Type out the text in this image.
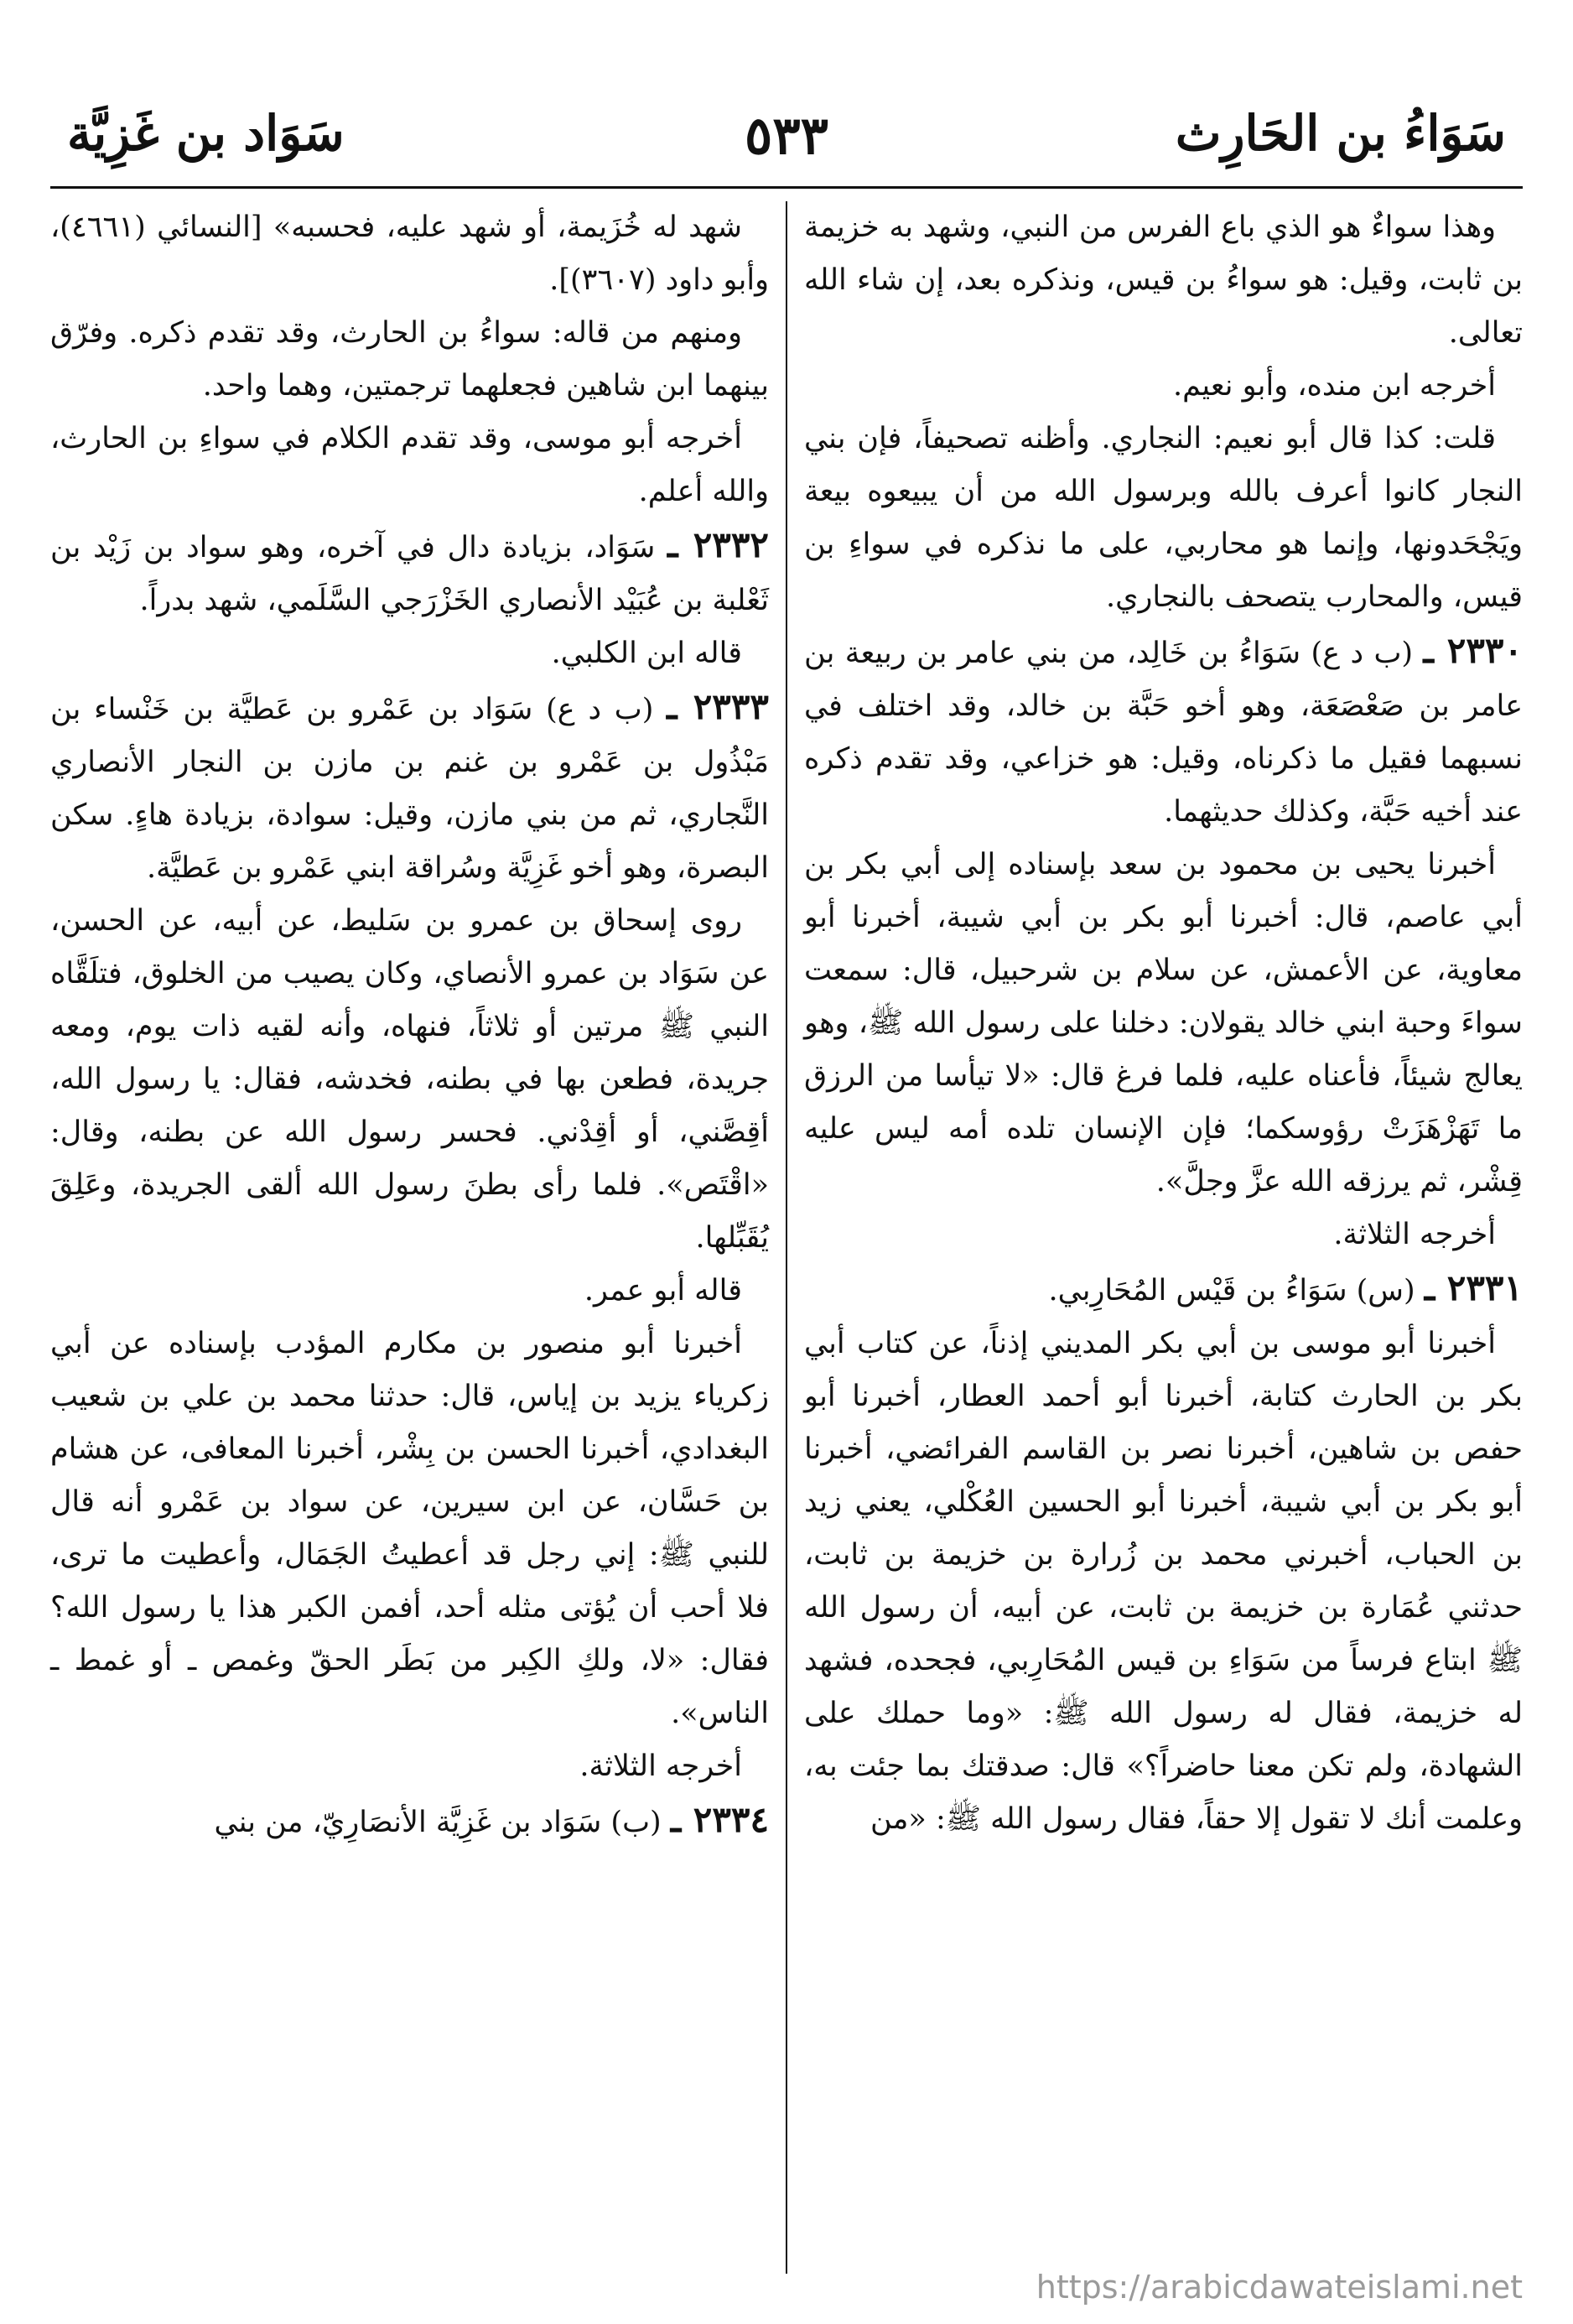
سَوَاءُ بن الحَارِث
٥٣٣
سَوَاد بن غَزِيَّة

وهذا سواءٌ هو الذي باع الفرس من النبي، وشهد به خزيمة بن ثابت، وقيل: هو سواءُ بن قيس، ونذكره بعد، إن شاء الله تعالى.

أخرجه ابن منده، وأبو نعيم.

قلت: كذا قال أبو نعيم: النجاري. وأظنه تصحيفاً، فإن بني النجار كانوا أعرف بالله وبرسول الله من أن يبيعوه بيعة ويَجْحَدونها، وإنما هو محاربي، على ما نذكره في سواءِ بن قيس، والمحارب يتصحف بالنجاري.

٢٣٣٠ ـ (ب د ع) سَوَاءُ بن خَالِد، من بني عامر بن ربيعة بن عامر بن صَعْصَعَة، وهو أخو حَبَّة بن خالد، وقد اختلف في نسبهما فقيل ما ذكرناه، وقيل: هو خزاعي، وقد تقدم ذكره عند أخيه حَبَّة، وكذلك حديثهما.

أخبرنا يحيى بن محمود بن سعد بإسناده إلى أبي بكر بن أبي عاصم، قال: أخبرنا أبو بكر بن أبي شيبة، أخبرنا أبو معاوية، عن الأعمش، عن سلام بن شرحبيل، قال: سمعت سواءَ وحبة ابني خالد يقولان: دخلنا على رسول الله ﷺ، وهو يعالج شيئاً، فأعناه عليه، فلما فرغ قال: «لا تيأسا من الرزق ما تَهَزْهَزَتْ رؤوسكما؛ فإن الإنسان تلده أمه ليس عليه قِشْر، ثم يرزقه الله عزَّ وجلَّ».

أخرجه الثلاثة.

٢٣٣١ ـ (س) سَوَاءُ بن قَيْس المُحَارِبي.

أخبرنا أبو موسى بن أبي بكر المديني إذناً، عن كتاب أبي بكر بن الحارث كتابة، أخبرنا أبو أحمد العطار، أخبرنا أبو حفص بن شاهين، أخبرنا نصر بن القاسم الفرائضي، أخبرنا أبو بكر بن أبي شيبة، أخبرنا أبو الحسين العُكْلي، يعني زيد بن الحباب، أخبرني محمد بن زُرارة بن خزيمة بن ثابت، حدثني عُمَارة بن خزيمة بن ثابت، عن أبيه، أن رسول الله ﷺ ابتاع فرساً من سَوَاءِ بن قيس المُحَارِبي، فجحده، فشهد له خزيمة، فقال له رسول الله ﷺ: «وما حملك على الشهادة، ولم تكن معنا حاضراً؟» قال: صدقتك بما جئت به، وعلمت أنك لا تقول إلا حقاً، فقال رسول الله ﷺ: «من

شهد له خُزَيمة، أو شهد عليه، فحسبه» [النسائي (٤٦٦١)، وأبو داود (٣٦٠٧)].

ومنهم من قاله: سواءُ بن الحارث، وقد تقدم ذكره. وفرّق بينهما ابن شاهين فجعلهما ترجمتين، وهما واحد.

أخرجه أبو موسى، وقد تقدم الكلام في سواءِ بن الحارث، والله أعلم.

٢٣٣٢ ـ سَوَاد، بزيادة دال في آخره، وهو سواد بن زَيْد بن ثَعْلبة بن عُبَيْد الأنصاري الخَزْرَجي السَّلَمي، شهد بدراً.

قاله ابن الكلبي.

٢٣٣٣ ـ (ب د ع) سَوَاد بن عَمْرو بن عَطيَّة بن خَنْساء بن مَبْذُول بن عَمْرو بن غنم بن مازن بن النجار الأنصاري النَّجاري، ثم من بني مازن، وقيل: سوادة، بزيادة هاءٍ. سكن البصرة، وهو أخو غَزِيَّة وسُراقة ابني عَمْرو بن عَطيَّة.

روى إسحاق بن عمرو بن سَليط، عن أبيه، عن الحسن، عن سَوَاد بن عمرو الأنصاي، وكان يصيب من الخلوق، فتلَقَّاه النبي ﷺ مرتين أو ثلاثاً، فنهاه، وأنه لقيه ذات يوم، ومعه جريدة، فطعن بها في بطنه، فخدشه، فقال: يا رسول الله، أقِصَّني، أو أقِدْني. فحسر رسول الله عن بطنه، وقال: «اقْتَص». فلما رأى بطنَ رسول الله ألقى الجريدة، وعَلِقَ يُقَبِّلها.

قاله أبو عمر.

أخبرنا أبو منصور بن مكارم المؤدب بإسناده عن أبي زكرياء يزيد بن إياس، قال: حدثنا محمد بن علي بن شعيب البغدادي، أخبرنا الحسن بن بِشْر، أخبرنا المعافى، عن هشام بن حَسَّان، عن ابن سيرين، عن سواد بن عَمْرو أنه قال للنبي ﷺ: إني رجل قد أعطيتُ الجَمَال، وأعطيت ما ترى، فلا أحب أن يُؤتى مثله أحد، أفمن الكبر هذا يا رسول الله؟ فقال: «لا، ولكِ الكِبر من بَطَر الحقّ وغمص ـ أو غمط ـ الناس».

أخرجه الثلاثة.

٢٣٣٤ ـ (ب) سَوَاد بن غَزِيَّة الأنصَارِيّ، من بني

https://arabicdawateislami.net
